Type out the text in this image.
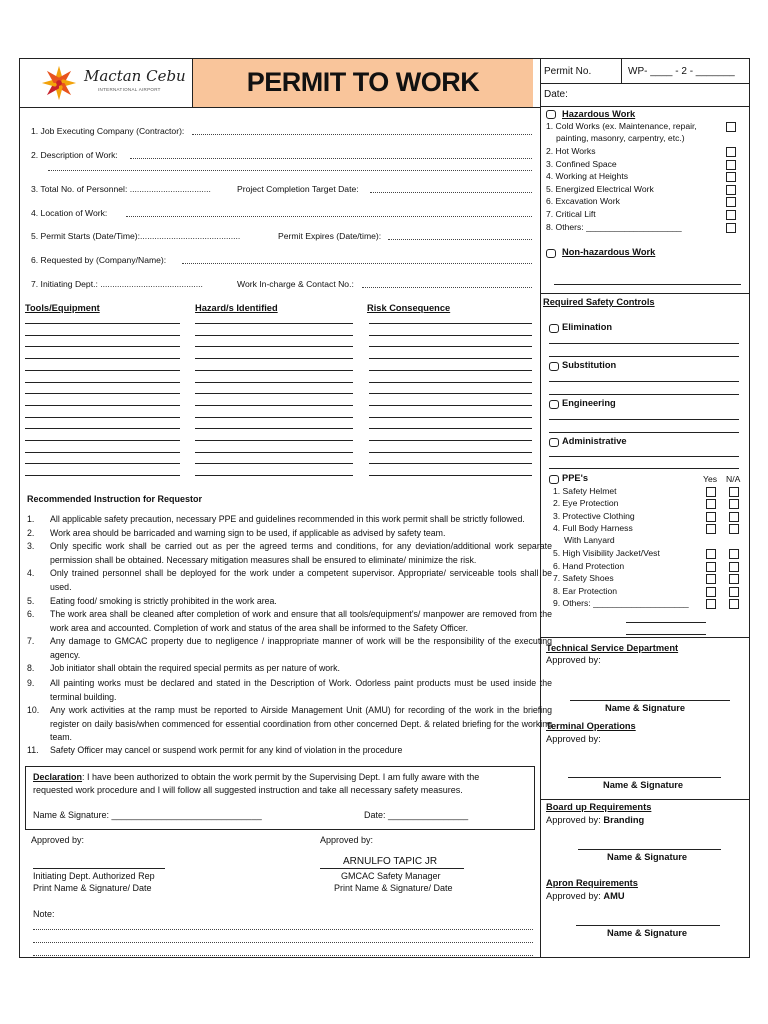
Mactan Cebu
INTERNATIONAL AIRPORT	PERMIT TO WORK	Permit No.	WP- ____ - 2 - _______
Date:
1. Job Executing Company (Contractor):
2. Description of Work:
3. Total No. of Personnel: ..................................	Project Completion Target Date:
4. Location of Work:
5. Permit Starts (Date/Time):..........................................	Permit Expires (Date/time):
6. Requested by (Company/Name):
7. Initiating Dept.: ...........................................	Work In-charge & Contact No.:
Tools/Equipment	Hazard/s Identified	Risk Consequence
Recommended Instruction for Requestor
1. All applicable safety precaution, necessary PPE and guidelines recommended in this work permit shall be strictly followed.
2. Work area should be barricaded and warning sign to be used, if applicable as advised by safety team.
3. Only specific work shall be carried out as per the agreed terms and conditions, for any deviation/additional work separate permission shall be obtained. Necessary mitigation measures shall be ensured to eliminate/ minimize the risk.
4. Only trained personnel shall be deployed for the work under a competent supervisor. Appropriate/ serviceable tools shall be used.
5. Eating food/ smoking is strictly prohibited in the work area.
6. The work area shall be cleaned after completion of work and ensure that all tools/equipment's/ manpower are removed from the work area and accounted. Completion of work and status of the area shall be informed to the Safety Officer.
7. Any damage to GMCAC property due to negligence / inappropriate manner of work will be the responsibility of the executing agency.
8. Job initiator shall obtain the required special permits as per nature of work.
9. All painting works must be declared and stated in the Description of Work. Odorless paint products must be used inside the terminal building.
10. Any work activities at the ramp must be reported to Airside Management Unit (AMU) for recording of the work in the briefing register on daily basis/when commenced for essential coordination from other concerned Dept. & related briefing for the working team.
11. Safety Officer may cancel or suspend work permit for any kind of violation in the procedure
Declaration: I have been authorized to obtain the work permit by the Supervising Dept. I am fully aware with the
requested work procedure and I will follow all suggested instruction and take all necessary safety measures.
Name & Signature: ______________________________	Date: ________________
Approved by:
Initiating Dept. Authorized Rep
Print Name & Signature/ Date
Approved by:
ARNULFO TAPIC JR
GMCAC Safety Manager
Print Name & Signature/ Date
Note:
Hazardous Work
1. Cold Works (ex. Maintenance, repair,
painting, masonry, carpentry, etc.)
2. Hot Works
3. Confined Space
4. Working at Heights
5. Energized Electrical Work
6. Excavation Work
7. Critical Lift
8. Others: ____________________
Non-hazardous Work
Required Safety Controls
Elimination
Substitution
Engineering
Administrative
PPE's	Yes N/A
1. Safety Helmet
2. Eye Protection
3. Protective Clothing
4. Full Body Harness
With Lanyard
5. High Visibility Jacket/Vest
6. Hand Protection
7. Safety Shoes
8. Ear Protection
9. Others: ____________________
Technical Service Department
Approved by:
Name & Signature
Terminal Operations
Approved by:
Name & Signature
Board up Requirements
Approved by: Branding
Name & Signature
Apron Requirements
Approved by: AMU
Name & Signature
